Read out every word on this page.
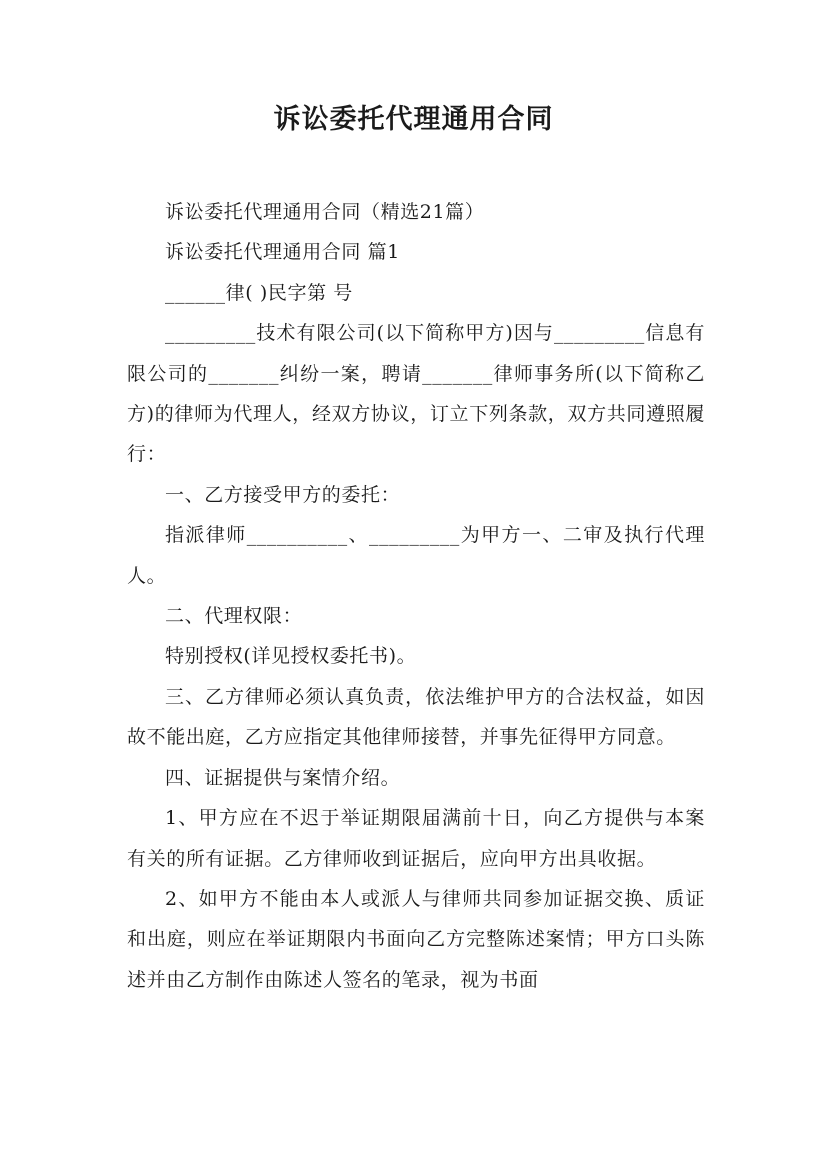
诉讼委托代理通用合同

诉讼委托代理通用合同（精选21篇）

诉讼委托代理通用合同 篇1

______律( )民字第 号

_________技术有限公司(以下简称甲方)因与_________信息有限公司的_______纠纷一案，聘请_______律师事务所(以下简称乙方)的律师为代理人，经双方协议，订立下列条款，双方共同遵照履行：

一、乙方接受甲方的委托：

指派律师__________、_________为甲方一、二审及执行代理人。

二、代理权限：

特别授权(详见授权委托书)。

三、乙方律师必须认真负责，依法维护甲方的合法权益，如因故不能出庭，乙方应指定其他律师接替，并事先征得甲方同意。

四、证据提供与案情介绍。

1、甲方应在不迟于举证期限届满前十日，向乙方提供与本案有关的所有证据。乙方律师收到证据后，应向甲方出具收据。

2、如甲方不能由本人或派人与律师共同参加证据交换、质证和出庭，则应在举证期限内书面向乙方完整陈述案情；甲方口头陈述并由乙方制作由陈述人签名的笔录，视为书面
